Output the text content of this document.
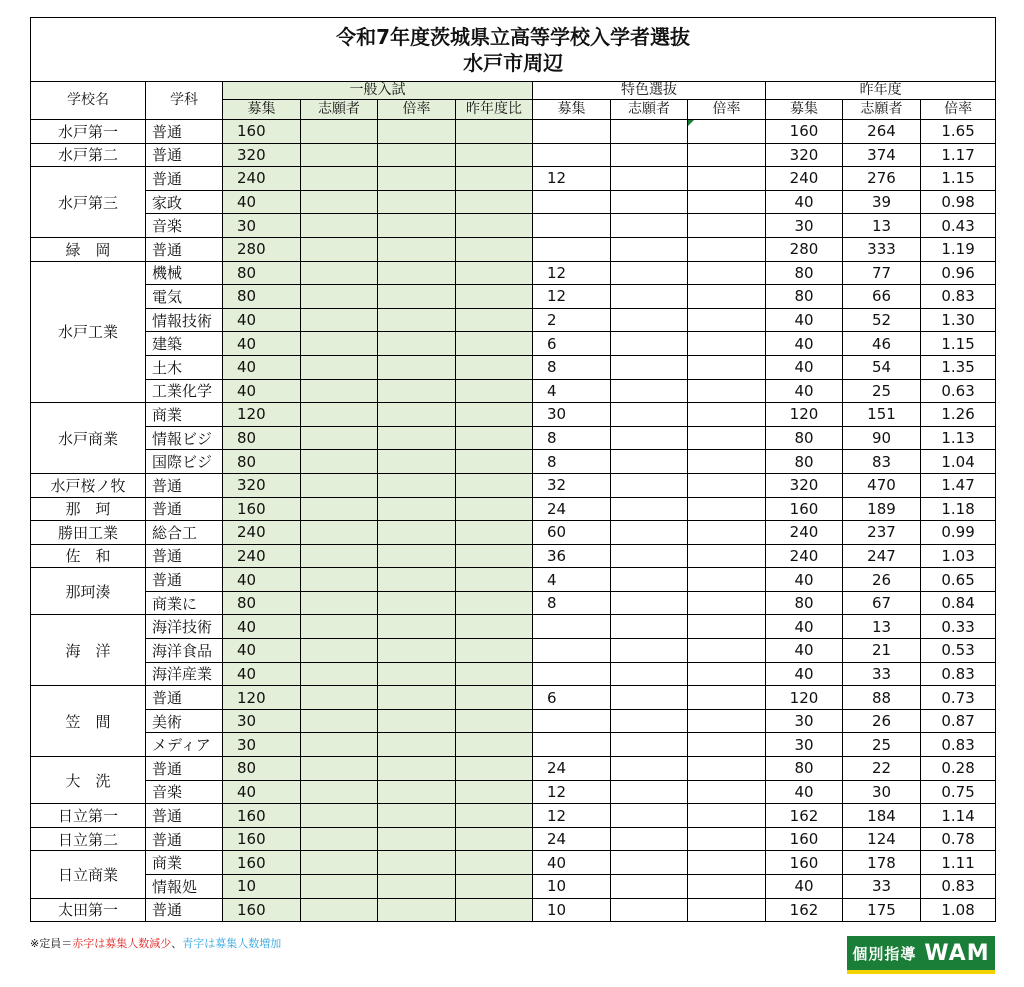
令和7年度茨城県立高等学校入学者選抜
水戸市周辺											

学校名	学科	一般入試				特色選抜			昨年度		
		募集	志願者	倍率	昨年度比	募集	志願者	倍率	募集	志願者	倍率
水戸第一	普通	160							160	264	1.65
水戸第二	普通	320							320	374	1.17
水戸第三	普通	240				12			240	276	1.15
	家政	40							40	39	0.98
	音楽	30							30	13	0.43
緑　岡	普通	280							280	333	1.19
水戸工業	機械	80				12			80	77	0.96
	電気	80				12			80	66	0.83
	情報技術	40				2			40	52	1.30
	建築	40				6			40	46	1.15
	土木	40				8			40	54	1.35
	工業化学	40				4			40	25	0.63
水戸商業	商業	120				30			120	151	1.26
	情報ビジ	80				8			80	90	1.13
	国際ビジ	80				8			80	83	1.04
水戸桜ノ牧	普通	320				32			320	470	1.47
那　珂	普通	160				24			160	189	1.18
勝田工業	総合工	240				60			240	237	0.99
佐　和	普通	240				36			240	247	1.03
那珂湊	普通	40				4			40	26	0.65
	商業に	80				8			80	67	0.84
海　洋	海洋技術	40							40	13	0.33
	海洋食品	40							40	21	0.53
	海洋産業	40							40	33	0.83
笠　間	普通	120				6			120	88	0.73
	美術	30							30	26	0.87
	メディア	30							30	25	0.83
大　洗	普通	80				24			80	22	0.28
	音楽	40				12			40	30	0.75
日立第一	普通	160				12			162	184	1.14
日立第二	普通	160				24			160	124	0.78
日立商業	商業	160				40			160	178	1.11
	情報処	10				10			40	33	0.83
太田第一	普通	160				10			162	175	1.08
※定員＝赤字は募集人数減少、青字は募集人数増加
個別指導 WAM
